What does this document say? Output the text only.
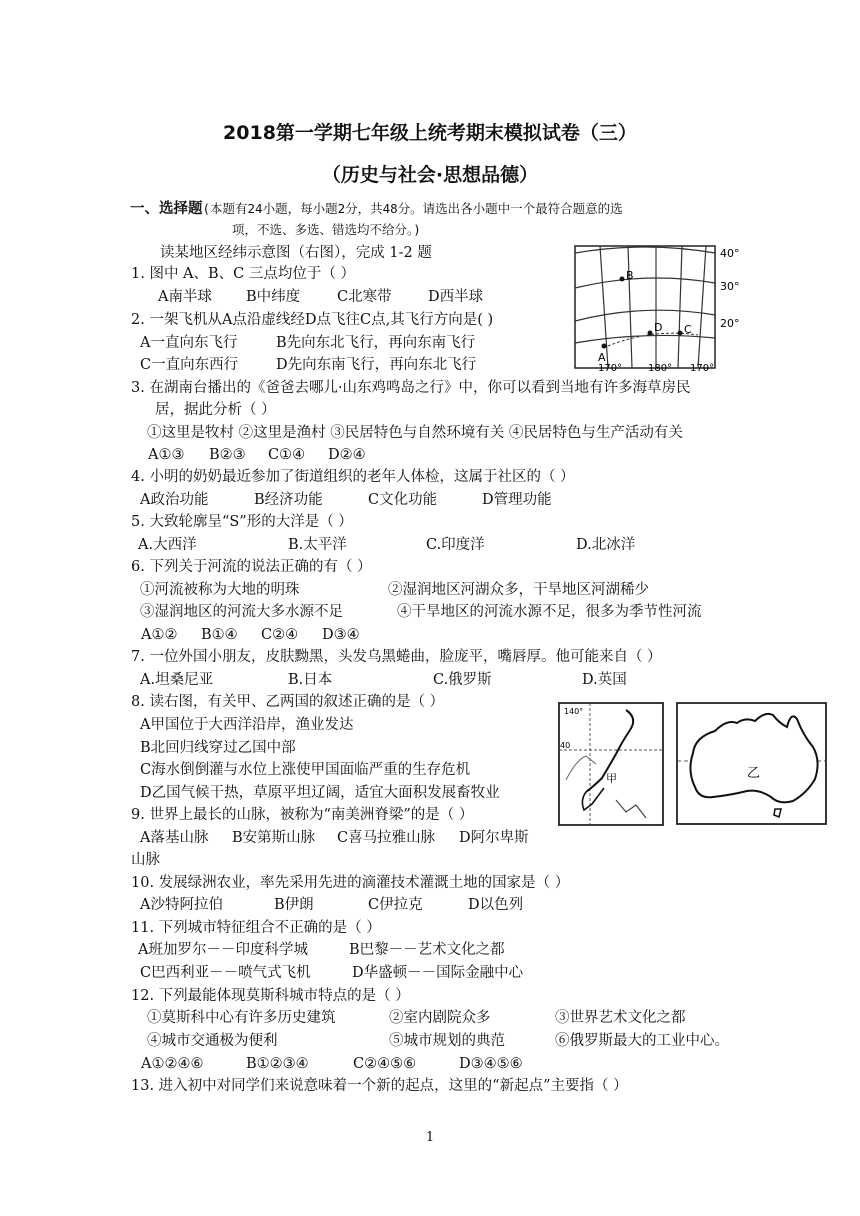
2018第一学期七年级上统考期末模拟试卷（三）
（历史与社会·思想品德）
一、选择题(本题有24小题，每小题2分，共48分。请选出各小题中一个最符合题意的选
项，不选、多选、错选均不给分。)
读某地区经纬示意图（右图），完成 1-2 题
1. 图中 A、B、C 三点均位于（ ）
A南半球 B中纬度	C北寒带	D西半球
2. 一架飞机从A点沿虚线经D点飞往C点,其飞行方向是( )
A一直向东飞行	B先向东北飞行，再向东南飞行
C一直向东西行	D先向东南飞行，再向东北飞行	A
B
C
D
40°
30°
20°
170°	180° 170°
3. 在湖南台播出的《爸爸去哪儿·山东鸡鸣岛之行》中，你可以看到当地有许多海草房民
居，据此分析（ ）
①这里是牧村 ②这里是渔村 ③民居特色与自然环境有关 ④民居特色与生产活动有关
A①③ B②③ C①④ D②④
4. 小明的奶奶最近参加了街道组织的老年人体检，这属于社区的（ ）
A政治功能	B经济功能	C文化功能	D管理功能
5. 大致轮廓呈“S”形的大洋是（ ）
A.大西洋	B.太平洋	C.印度洋	D.北冰洋
6. 下列关于河流的说法正确的有（ ）
①河流被称为大地的明珠	②湿润地区河湖众多，干旱地区河湖稀少
③湿润地区的河流大多水源不足	④干旱地区的河流水源不足，很多为季节性河流
A①② B①④ C②④ D③④
7. 一位外国小朋友，皮肤黝黑，头发乌黑蜷曲，脸庞平，嘴唇厚。他可能来自（ ）
A.坦桑尼亚	B.日本	C.俄罗斯	D.英国
8. 读右图，有关甲、乙两国的叙述正确的是（ ）
A甲国位于大西洋沿岸，渔业发达
B北回归线穿过乙国中部
C海水倒倒灌与水位上涨使甲国面临严重的生存危机
D乙国气候干热，草原平坦辽阔，适宜大面积发展畜牧业
140°
40
甲	乙
9. 世界上最长的山脉，被称为“南美洲脊梁”的是（ ）
A落基山脉 B安第斯山脉 C喜马拉雅山脉 D阿尔卑斯
山脉
10. 发展绿洲农业，率先采用先进的滴灌技术灌溉土地的国家是（ ）
A沙特阿拉伯	B伊朗	C伊拉克	D以色列
11. 下列城市特征组合不正确的是（ ）
A班加罗尔－－印度科学城	B巴黎－－艺术文化之都
C巴西利亚－－喷气式飞机	D华盛顿－－国际金融中心
12. 下列最能体现莫斯科城市特点的是（ ）
①莫斯科中心有许多历史建筑	②室内剧院众多	③世界艺术文化之都
④城市交通极为便利	⑤城市规划的典范	⑥俄罗斯最大的工业中心。
A①②④⑥	B①②③④	C②④⑤⑥	D③④⑤⑥
13. 进入初中对同学们来说意味着一个新的起点，这里的“新起点”主要指（ ）
1
